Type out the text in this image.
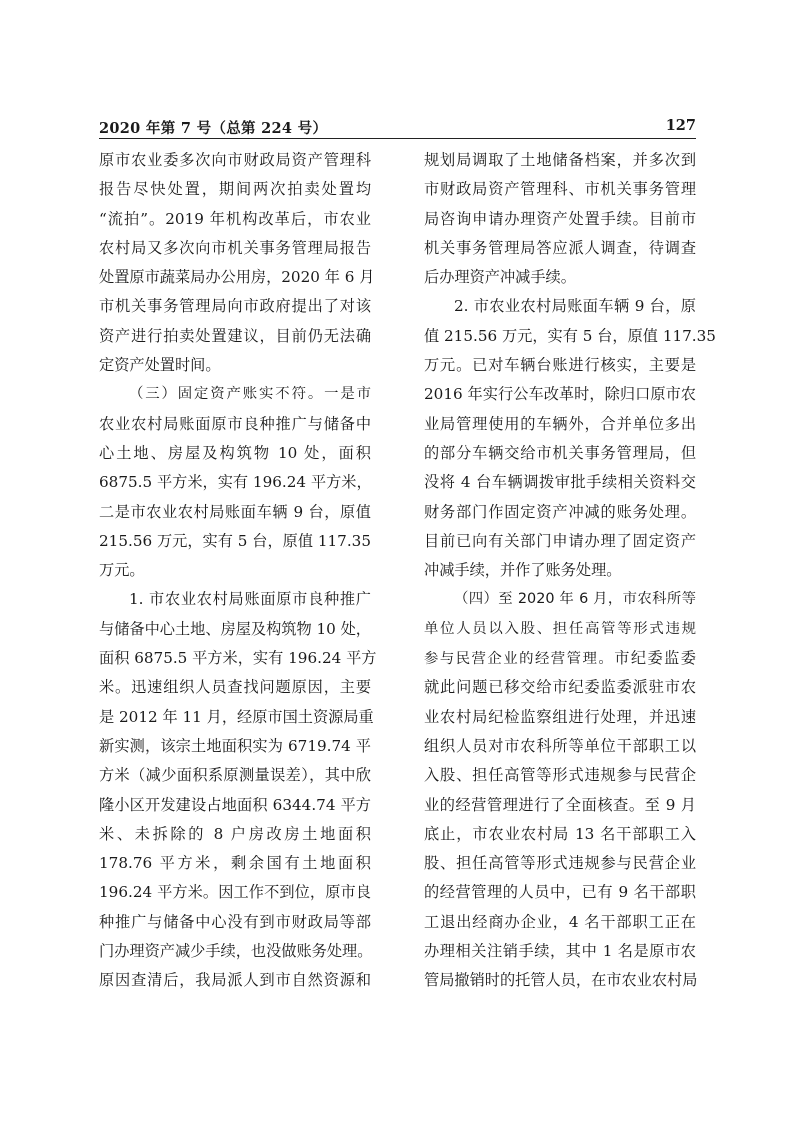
2020 年第 7 号（总第 224 号）	127
原市农业委多次向市财政局资产管理科
报告尽快处置，期间两次拍卖处置均
“流拍”。2019 年机构改革后，市农业
农村局又多次向市机关事务管理局报告
处置原市蔬菜局办公用房，2020 年 6 月
市机关事务管理局向市政府提出了对该
资产进行拍卖处置建议，目前仍无法确
定资产处置时间。
（三）固定资产账实不符。一是市
农业农村局账面原市良种推广与储备中
心土地、房屋及构筑物 10 处，面积
6875.5 平方米，实有 196.24 平方米，
二是市农业农村局账面车辆 9 台，原值
215.56 万元，实有 5 台，原值 117.35
万元。
1. 市农业农村局账面原市良种推广
与储备中心土地、房屋及构筑物 10 处，
面积 6875.5 平方米，实有 196.24 平方
米。迅速组织人员查找问题原因，主要
是 2012 年 11 月，经原市国土资源局重
新实测，该宗土地面积实为 6719.74 平
方米（减少面积系原测量误差），其中欣
隆小区开发建设占地面积 6344.74 平方
米、未拆除的 8 户房改房土地面积
178.76 平方米，剩余国有土地面积
196.24 平方米。因工作不到位，原市良
种推广与储备中心没有到市财政局等部
门办理资产减少手续，也没做账务处理。
原因查清后，我局派人到市自然资源和
规划局调取了土地储备档案，并多次到
市财政局资产管理科、市机关事务管理
局咨询申请办理资产处置手续。目前市
机关事务管理局答应派人调查，待调查
后办理资产冲减手续。
2. 市农业农村局账面车辆 9 台，原
值 215.56 万元，实有 5 台，原值 117.35
万元。已对车辆台账进行核实，主要是
2016 年实行公车改革时，除归口原市农
业局管理使用的车辆外，合并单位多出
的部分车辆交给市机关事务管理局，但
没将 4 台车辆调拨审批手续相关资料交
财务部门作固定资产冲减的账务处理。
目前已向有关部门申请办理了固定资产
冲减手续，并作了账务处理。
（四）至 2020 年 6 月，市农科所等
单位人员以入股、担任高管等形式违规
参与民营企业的经营管理。市纪委监委
就此问题已移交给市纪委监委派驻市农
业农村局纪检监察组进行处理，并迅速
组织人员对市农科所等单位干部职工以
入股、担任高管等形式违规参与民营企
业的经营管理进行了全面核查。至 9 月
底止，市农业农村局 13 名干部职工入
股、担任高管等形式违规参与民营企业
的经营管理的人员中，已有 9 名干部职
工退出经商办企业，4 名干部职工正在
办理相关注销手续，其中 1 名是原市农
管局撤销时的托管人员，在市农业农村局
